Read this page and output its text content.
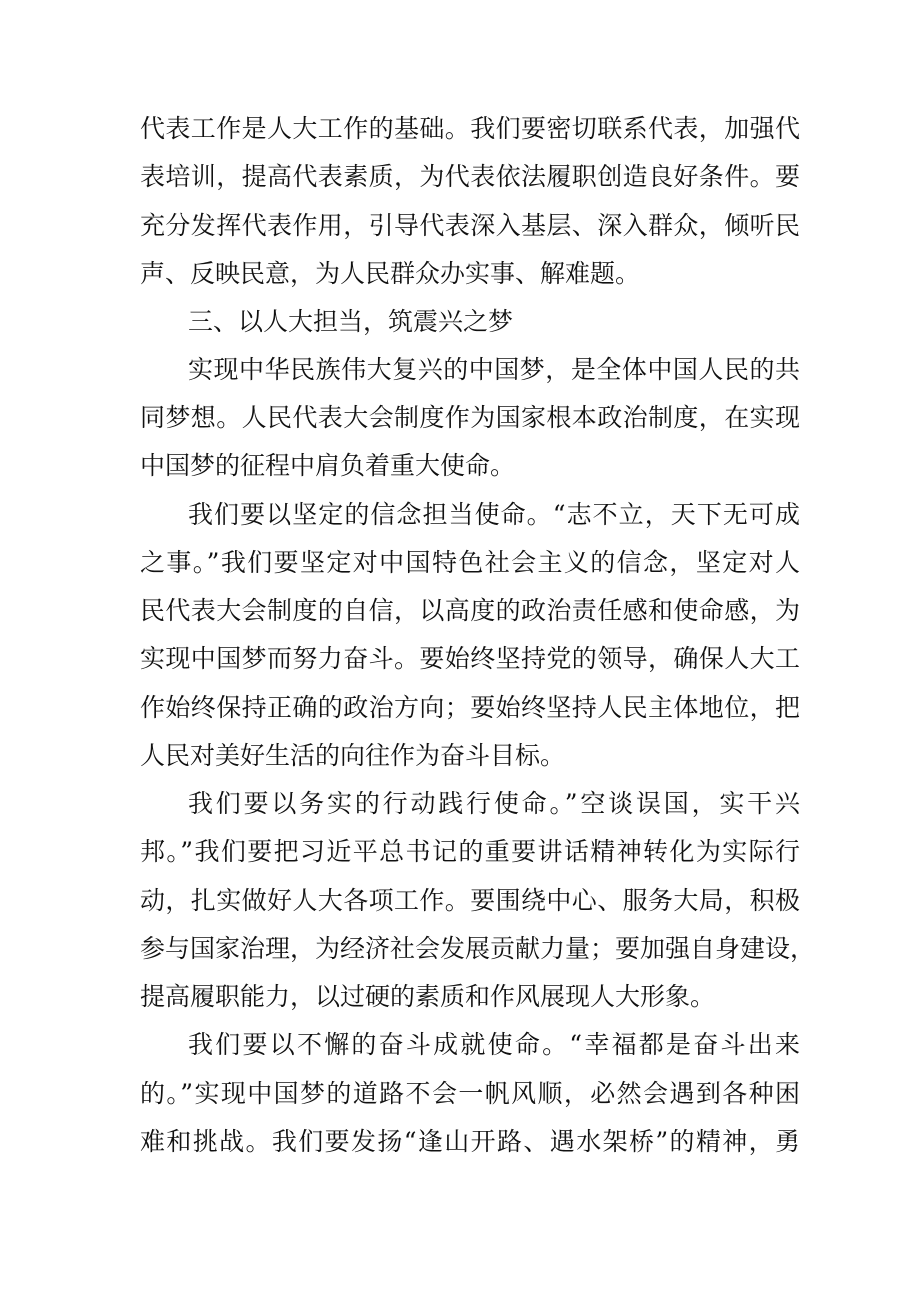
代表工作是人大工作的基础。我们要密切联系代表，加强代
表培训，提高代表素质，为代表依法履职创造良好条件。要
充分发挥代表作用，引导代表深入基层、深入群众，倾听民
声、反映民意，为人民群众办实事、解难题。
三、以人大担当，筑震兴之梦
实现中华民族伟大复兴的中国梦，是全体中国人民的共
同梦想。人民代表大会制度作为国家根本政治制度，在实现
中国梦的征程中肩负着重大使命。
我们要以坚定的信念担当使命。“志不立，天下无可成
之事。”我们要坚定对中国特色社会主义的信念，坚定对人
民代表大会制度的自信，以高度的政治责任感和使命感，为
实现中国梦而努力奋斗。要始终坚持党的领导，确保人大工
作始终保持正确的政治方向；要始终坚持人民主体地位，把
人民对美好生活的向往作为奋斗目标。
我们要以务实的行动践行使命。”空谈误国，实干兴
邦。”我们要把习近平总书记的重要讲话精神转化为实际行
动，扎实做好人大各项工作。要围绕中心、服务大局，积极
参与国家治理，为经济社会发展贡献力量；要加强自身建设，
提高履职能力，以过硬的素质和作风展现人大形象。
我们要以不懈的奋斗成就使命。“幸福都是奋斗出来
的。”实现中国梦的道路不会一帆风顺，必然会遇到各种困
难和挑战。我们要发扬“逢山开路、遇水架桥”的精神，勇
